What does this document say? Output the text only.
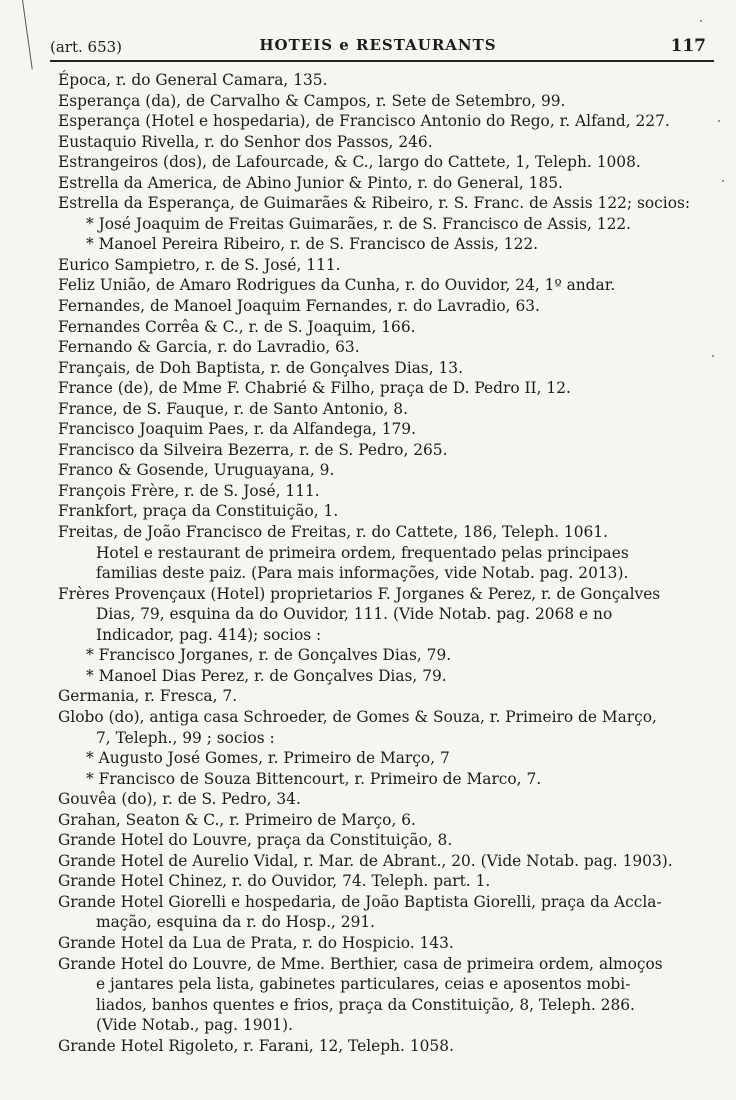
(art. 653)	HOTEIS e RESTAURANTS	117
Época, r. do General Camara, 135.
Esperança (da), de Carvalho & Campos, r. Sete de Setembro, 99.
Esperança (Hotel e hospedaria), de Francisco Antonio do Rego, r. Alfand, 227.
Eustaquio Rivella, r. do Senhor dos Passos, 246.
Estrangeiros (dos), de Lafourcade, & C., largo do Cattete, 1, Teleph. 1008.
Estrella da America, de Abino Junior & Pinto, r. do General, 185.
Estrella da Esperança, de Guimarães & Ribeiro, r. S. Franc. de Assis 122; socios:
* José Joaquim de Freitas Guimarães, r. de S. Francisco de Assis, 122.
* Manoel Pereira Ribeiro, r. de S. Francisco de Assis, 122.
Eurico Sampietro, r. de S. José, 111.
Feliz União, de Amaro Rodrigues da Cunha, r. do Ouvidor, 24, 1º andar.
Fernandes, de Manoel Joaquim Fernandes, r. do Lavradio, 63.
Fernandes Corrêa & C., r. de S. Joaquim, 166.
Fernando & Garcia, r. do Lavradio, 63.
Français, de Doh Baptista, r. de Gonçalves Dias, 13.
France (de), de Mme F. Chabrié & Filho, praça de D. Pedro II, 12.
France, de S. Fauque, r. de Santo Antonio, 8.
Francisco Joaquim Paes, r. da Alfandega, 179.
Francisco da Silveira Bezerra, r. de S. Pedro, 265.
Franco & Gosende, Uruguayana, 9.
François Frère, r. de S. José, 111.
Frankfort, praça da Constituição, 1.
Freitas, de João Francisco de Freitas, r. do Cattete, 186, Teleph. 1061.
Hotel e restaurant de primeira ordem, frequentado pelas principaes
familias deste paiz. (Para mais informações, vide Notab. pag. 2013).
Frères Provençaux (Hotel) proprietarios F. Jorganes & Perez, r. de Gonçalves
Dias, 79, esquina da do Ouvidor, 111. (Vide Notab. pag. 2068 e no
Indicador, pag. 414); socios :
* Francisco Jorganes, r. de Gonçalves Dias, 79.
* Manoel Dias Perez, r. de Gonçalves Dias, 79.
Germania, r. Fresca, 7.
Globo (do), antiga casa Schroeder, de Gomes & Souza, r. Primeiro de Março,
7, Teleph., 99 ; socios :
* Augusto José Gomes, r. Primeiro de Março, 7
* Francisco de Souza Bittencourt, r. Primeiro de Marco, 7.
Gouvêa (do), r. de S. Pedro, 34.
Grahan, Seaton & C., r. Primeiro de Março, 6.
Grande Hotel do Louvre, praça da Constituição, 8.
Grande Hotel de Aurelio Vidal, r. Mar. de Abrant., 20. (Vide Notab. pag. 1903).
Grande Hotel Chinez, r. do Ouvidor, 74. Teleph. part. 1.
Grande Hotel Giorelli e hospedaria, de João Baptista Giorelli, praça da Accla-
mação, esquina da r. do Hosp., 291.
Grande Hotel da Lua de Prata, r. do Hospicio. 143.
Grande Hotel do Louvre, de Mme. Berthier, casa de primeira ordem, almoços
e jantares pela lista, gabinetes particulares, ceias e aposentos mobi-
liados, banhos quentes e frios, praça da Constituição, 8, Teleph. 286.
(Vide Notab., pag. 1901).
Grande Hotel Rigoleto, r. Farani, 12, Teleph. 1058.
